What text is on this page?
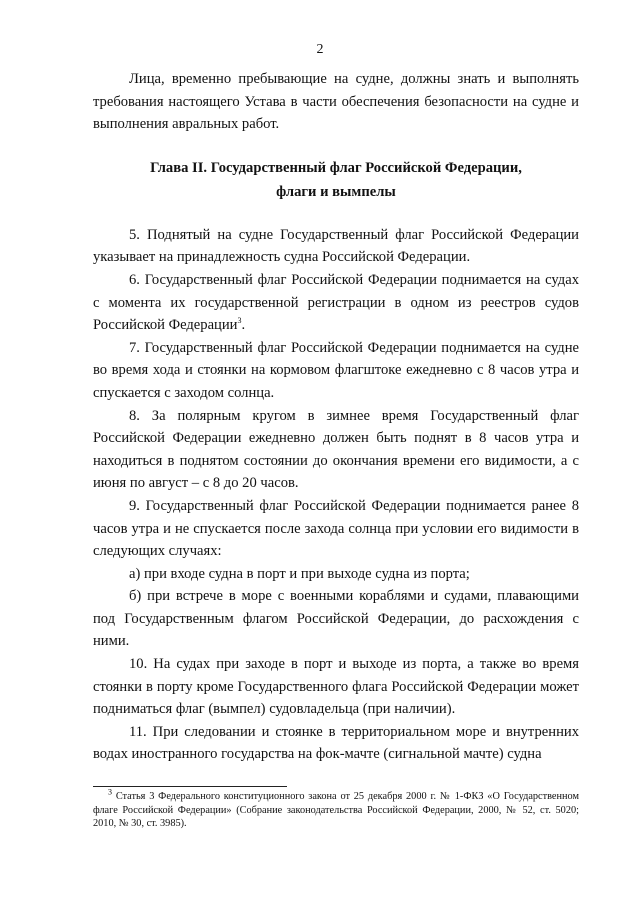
2

Лица, временно пребывающие на судне, должны знать и выполнять требования настоящего Устава в части обеспечения безопасности на судне и выполнения авральных работ.

Глава II. Государственный флаг Российской Федерации,
флаги и вымпелы

5. Поднятый на судне Государственный флаг Российской Федерации указывает на принадлежность судна Российской Федерации.

6. Государственный флаг Российской Федерации поднимается на судах с момента их государственной регистрации в одном из реестров судов Российской Федерации$^3$.

7. Государственный флаг Российской Федерации поднимается на судне во время хода и стоянки на кормовом флагштоке ежедневно с 8 часов утра и спускается с заходом солнца.

8. За полярным кругом в зимнее время Государственный флаг Российской Федерации ежедневно должен быть поднят в 8 часов утра и находиться в поднятом состоянии до окончания времени его видимости, а с июня по август – с 8 до 20 часов.

9. Государственный флаг Российской Федерации поднимается ранее 8 часов утра и не спускается после захода солнца при условии его видимости в следующих случаях:

а) при входе судна в порт и при выходе судна из порта;

б) при встрече в море с военными кораблями и судами, плавающими под Государственным флагом Российской Федерации, до расхождения с ними.

10. На судах при заходе в порт и выходе из порта, а также во время стоянки в порту кроме Государственного флага Российской Федерации может подниматься флаг (вымпел) судовладельца (при наличии).

11. При следовании и стоянке в территориальном море и внутренних водах иностранного государства на фок-мачте (сигнальной мачте) судна

$^3$ Статья 3 Федерального конституционного закона от 25 декабря 2000 г. № 1-ФКЗ «О Государственном флаге Российской Федерации» (Собрание законодательства Российской Федерации, 2000, № 52, ст. 5020; 2010, № 30, ст. 3985).
